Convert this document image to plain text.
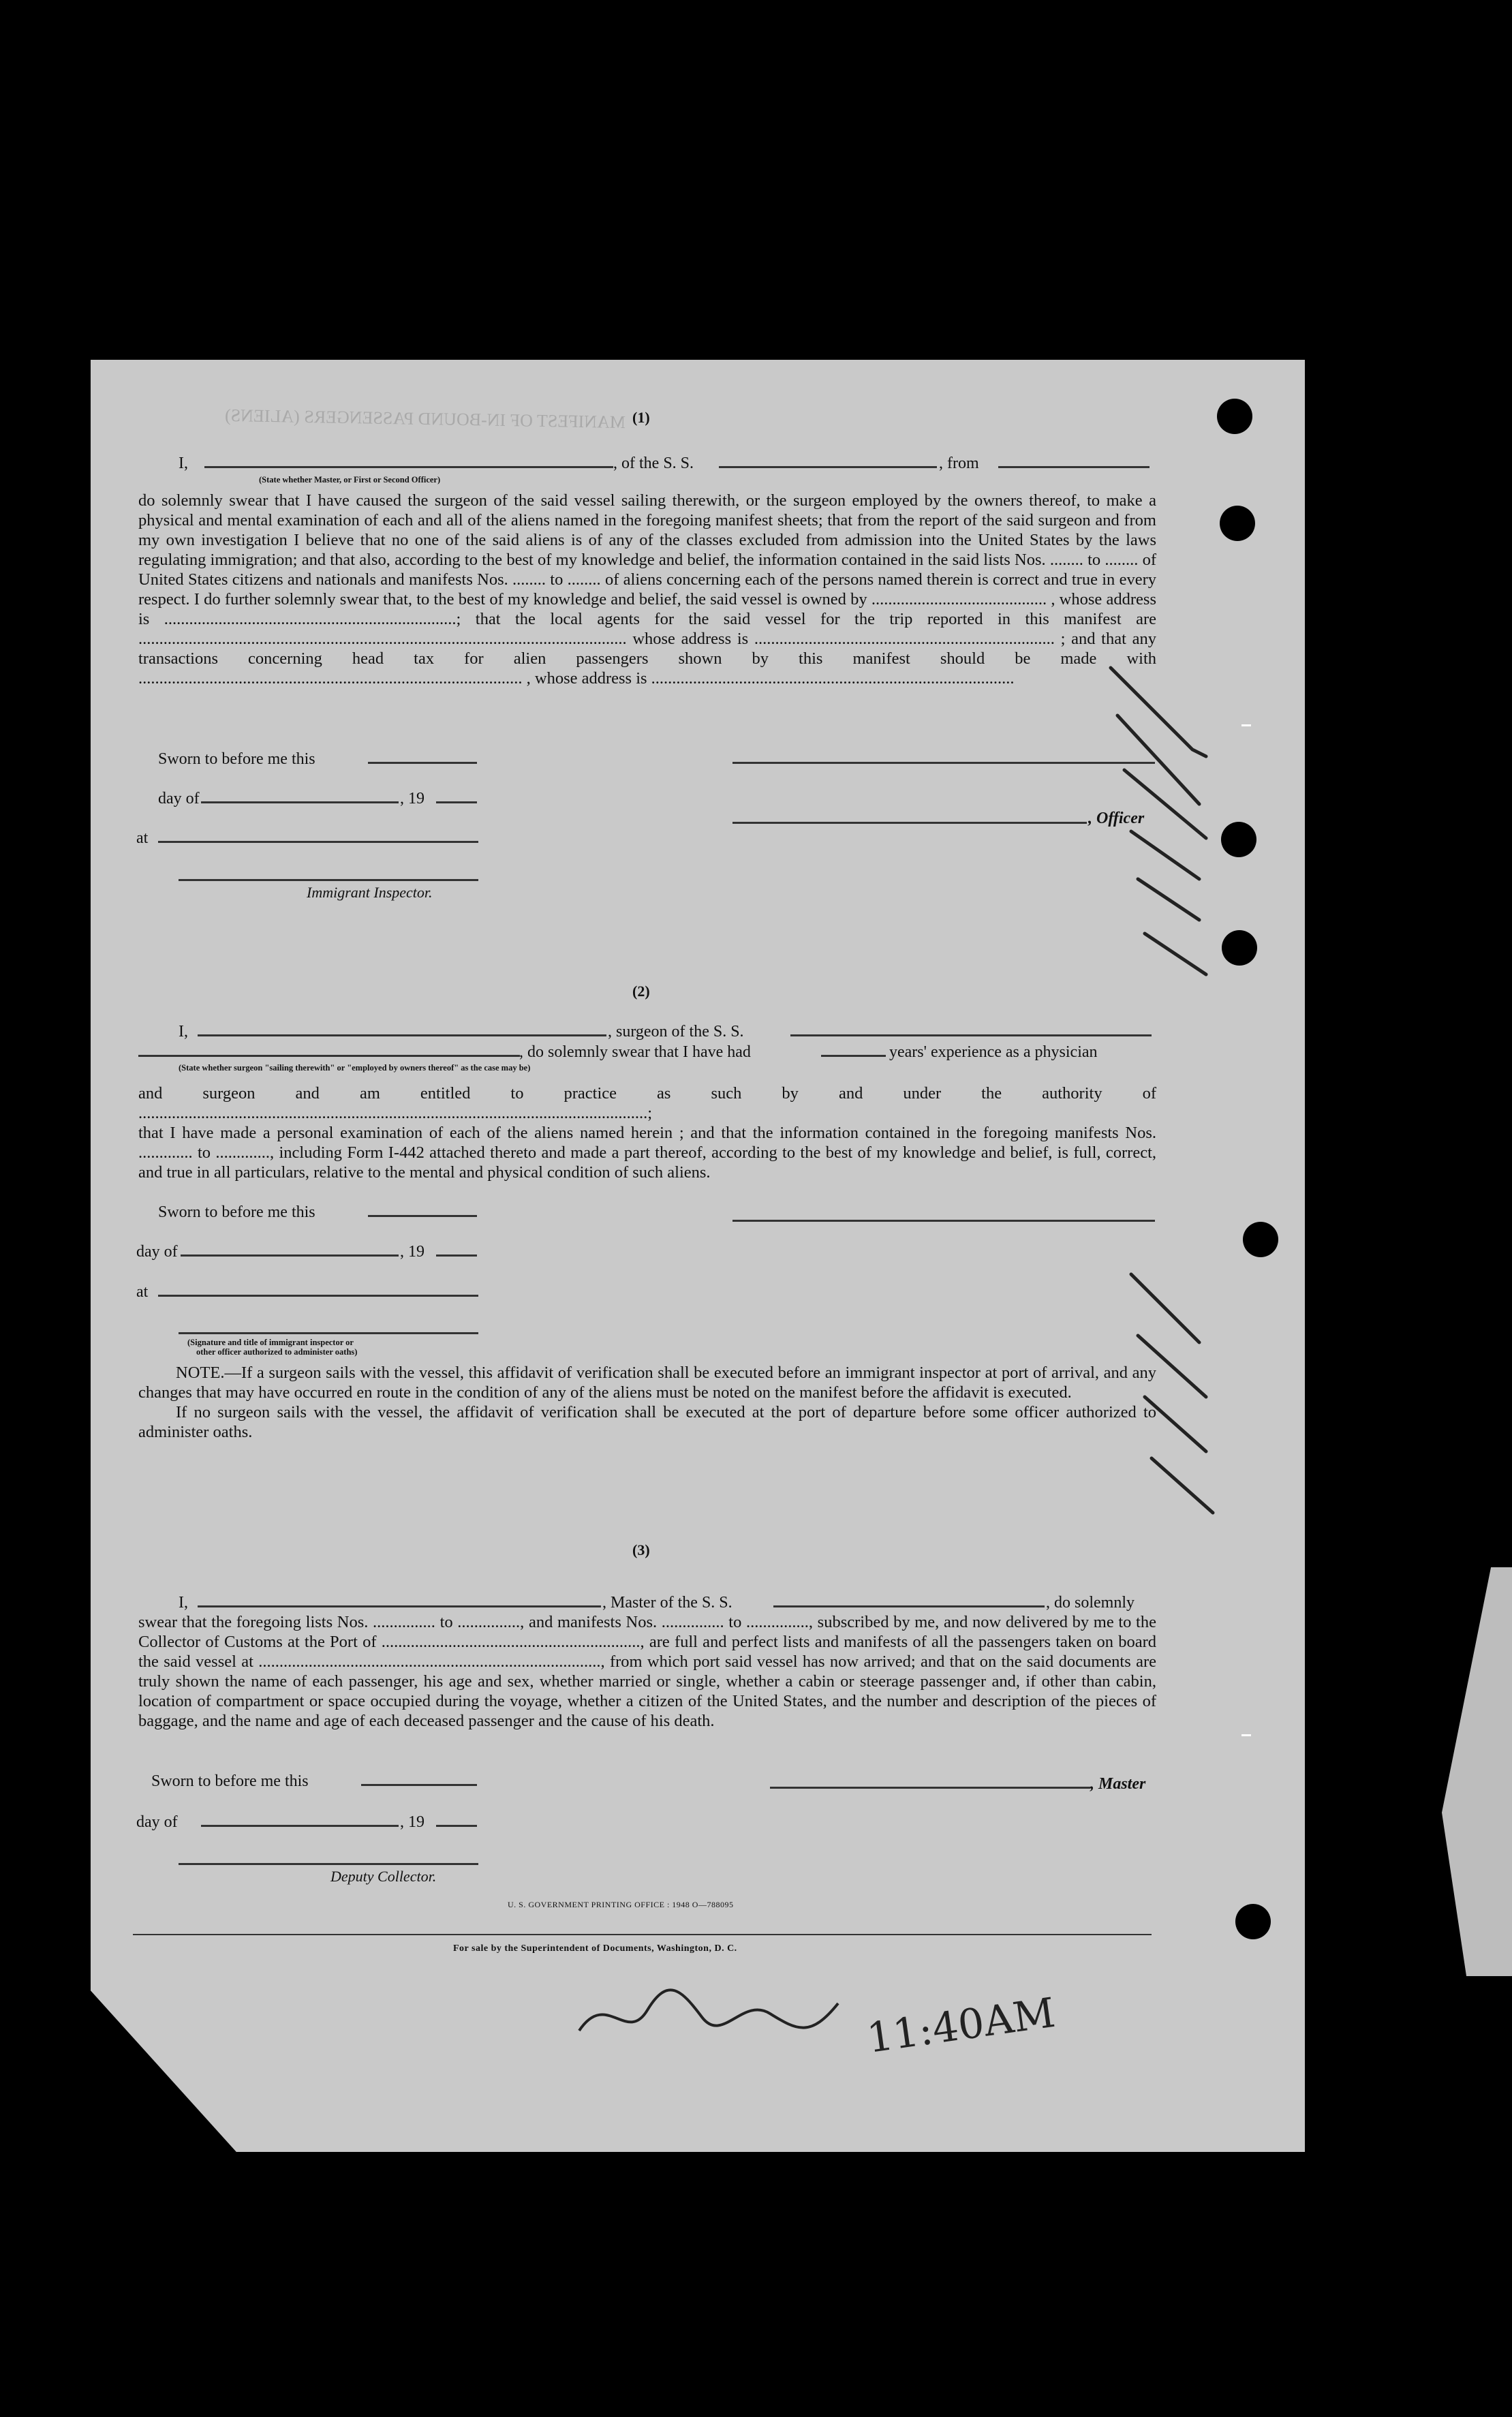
MANIFEST OF IN-BOUND PASSENGERS (ALIENS) (1)
I,	, of the S. S.	, from
(State whether Master, or First or Second Officer)

do solemnly swear that I have caused the surgeon of the said vessel sailing therewith, or the surgeon employed by the owners thereof, to make a physical and mental examination of each and all of the aliens named in the foregoing manifest sheets; that from the report of the said surgeon and from my own investigation I believe that no one of the said aliens is of any of the classes excluded from admission into the United States by the laws regulating immigration; and that also, according to the best of my knowledge and belief, the information contained in the said lists Nos. ........ to ........ of United States citizens and nationals and manifests Nos. ........ to ........ of aliens concerning each of the persons named therein is correct and true in every respect. I do further solemnly swear that, to the best of my knowledge and belief, the said vessel is owned by .......................................... , whose address is ......................................................................; that the local agents for the said vessel for the trip reported in this manifest are ..................................................................................................................... whose address is ........................................................................ ; and that any transactions concerning head tax for alien passengers shown by this manifest should be made with ............................................................................................ , whose address is .......................................................................................

Sworn to before me this
day of	, 19
, Officer
at
Immigrant Inspector.
(2)
I,	, surgeon of the S. S.
, do solemnly swear that I have had	years' experience as a physician
(State whether surgeon "sailing therewith" or "employed by owners thereof" as the case may be)

and surgeon and am entitled to practice as such by and under the authority of ..........................................................................................................................;

that I have made a personal examination of each of the aliens named herein ; and that the information contained in the foregoing manifests Nos. ............. to ............., including Form I-442 attached thereto and made a part thereof, according to the best of my knowledge and belief, is full, correct, and true in all particulars, relative to the mental and physical condition of such aliens.

Sworn to before me this
day of	, 19
at
(Signature and title of immigrant inspector or
other officer authorized to administer oaths)

NOTE.—If a surgeon sails with the vessel, this affidavit of verification shall be executed before an immigrant inspector at port of arrival, and any changes that may have occurred en route in the condition of any of the aliens must be noted on the manifest before the affidavit is executed.

If no surgeon sails with the vessel, the affidavit of verification shall be executed at the port of departure before some officer authorized to administer oaths.

(3)
I,	, Master of the S. S.	, do solemnly
swear that the foregoing lists Nos. ............... to ..............., and manifests Nos. ............... to ..............., subscribed by me, and now delivered by me to the Collector of Customs at the Port of .............................................................., are full and perfect lists and manifests of all the passengers taken on board the said vessel at .................................................................................., from which port said vessel has now arrived; and that on the said documents are truly shown the name of each passenger, his age and sex, whether married or single, whether a cabin or steerage passenger and, if other than cabin, location of compartment or space occupied during the voyage, whether a citizen of the United States, and the number and description of the pieces of baggage, and the name and age of each deceased passenger and the cause of his death.
Sworn to before me this	, Master
day of	, 19
Deputy Collector.
U. S. GOVERNMENT PRINTING OFFICE : 1948 O—788095
For sale by the Superintendent of Documents, Washington, D. C.
11:40AM
